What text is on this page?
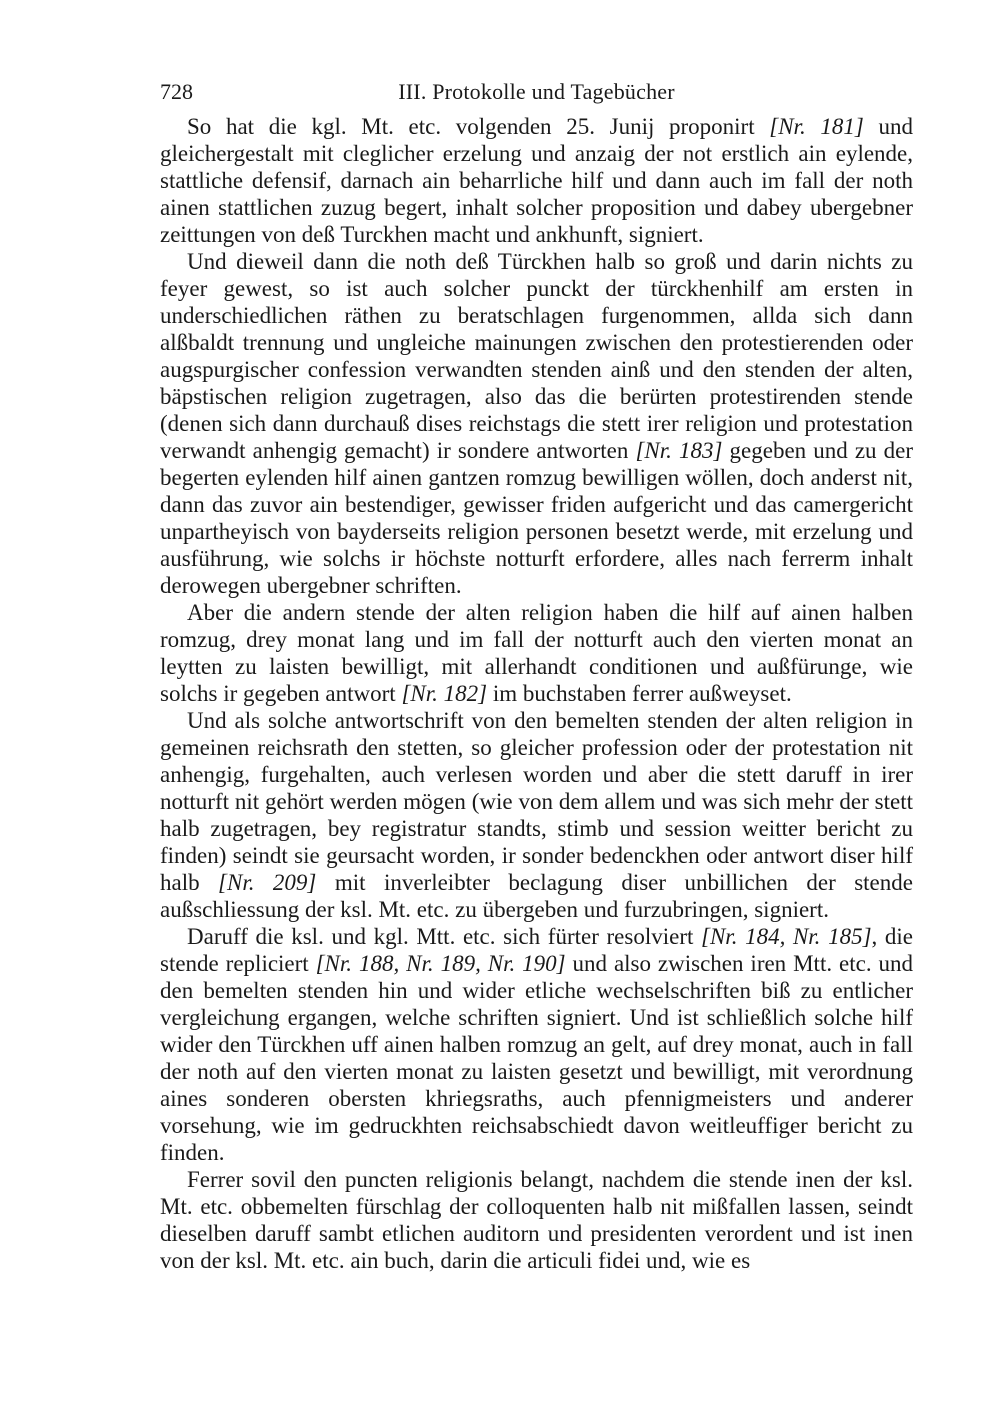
728	III. Protokolle und Tagebücher

So hat die kgl. Mt. etc. volgenden 25. Junij proponirt [Nr. 181] und gleichergestalt mit cleglicher erzelung und anzaig der not erstlich ain eylende, stattliche defensif, darnach ain beharrliche hilf und dann auch im fall der noth ainen stattlichen zuzug begert, inhalt solcher proposition und dabey ubergebner zeittungen von deß Turckhen macht und ankhunft, signiert.

Und dieweil dann die noth deß Türckhen halb so groß und darin nichts zu feyer gewest, so ist auch solcher punckt der türckhenhilf am ersten in underschiedlichen räthen zu beratschlagen furgenommen, allda sich dann alßbaldt trennung und ungleiche mainungen zwischen den protestierenden oder augspurgischer confession verwandten stenden ainß und den stenden der alten, bäpstischen religion zugetragen, also das die berürten protestirenden stende (denen sich dann durchauß dises reichstags die stett irer religion und protestation verwandt anhengig gemacht) ir sondere antworten [Nr. 183] gegeben und zu der begerten eylenden hilf ainen gantzen romzug bewilligen wöllen, doch anderst nit, dann das zuvor ain bestendiger, gewisser friden aufgericht und das camergericht unpartheyisch von bayderseits religion personen besetzt werde, mit erzelung und ausführung, wie solchs ir höchste notturft erfordere, alles nach ferrerm inhalt derowegen ubergebner schriften.

Aber die andern stende der alten religion haben die hilf auf ainen halben romzug, drey monat lang und im fall der notturft auch den vierten monat an leytten zu laisten bewilligt, mit allerhandt conditionen und außfürunge, wie solchs ir gegeben antwort [Nr. 182] im buchstaben ferrer außweyset.

Und als solche antwortschrift von den bemelten stenden der alten religion in gemeinen reichsrath den stetten, so gleicher profession oder der protestation nit anhengig, furgehalten, auch verlesen worden und aber die stett daruff in irer notturft nit gehört werden mögen (wie von dem allem und was sich mehr der stett halb zugetragen, bey registratur standts, stimb und session weitter bericht zu finden) seindt sie geursacht worden, ir sonder bedenckhen oder antwort diser hilf halb [Nr. 209] mit inverleibter beclagung diser unbillichen der stende außschliessung der ksl. Mt. etc. zu übergeben und furzubringen, signiert.

Daruff die ksl. und kgl. Mtt. etc. sich fürter resolviert [Nr. 184, Nr. 185], die stende repliciert [Nr. 188, Nr. 189, Nr. 190] und also zwischen iren Mtt. etc. und den bemelten stenden hin und wider etliche wechselschriften biß zu entlicher vergleichung ergangen, welche schriften signiert. Und ist schließlich solche hilf wider den Türckhen uff ainen halben romzug an gelt, auf drey monat, auch in fall der noth auf den vierten monat zu laisten gesetzt und bewilligt, mit verordnung aines sonderen obersten khriegsraths, auch pfennigmeisters und anderer vorsehung, wie im gedruckhten reichsabschiedt davon weitleuffiger bericht zu finden.

Ferrer sovil den puncten religionis belangt, nachdem die stende inen der ksl. Mt. etc. obbemelten fürschlag der colloquenten halb nit mißfallen lassen, seindt dieselben daruff sambt etlichen auditorn und presidenten verordent und ist inen von der ksl. Mt. etc. ain buch, darin die articuli fidei und, wie es
